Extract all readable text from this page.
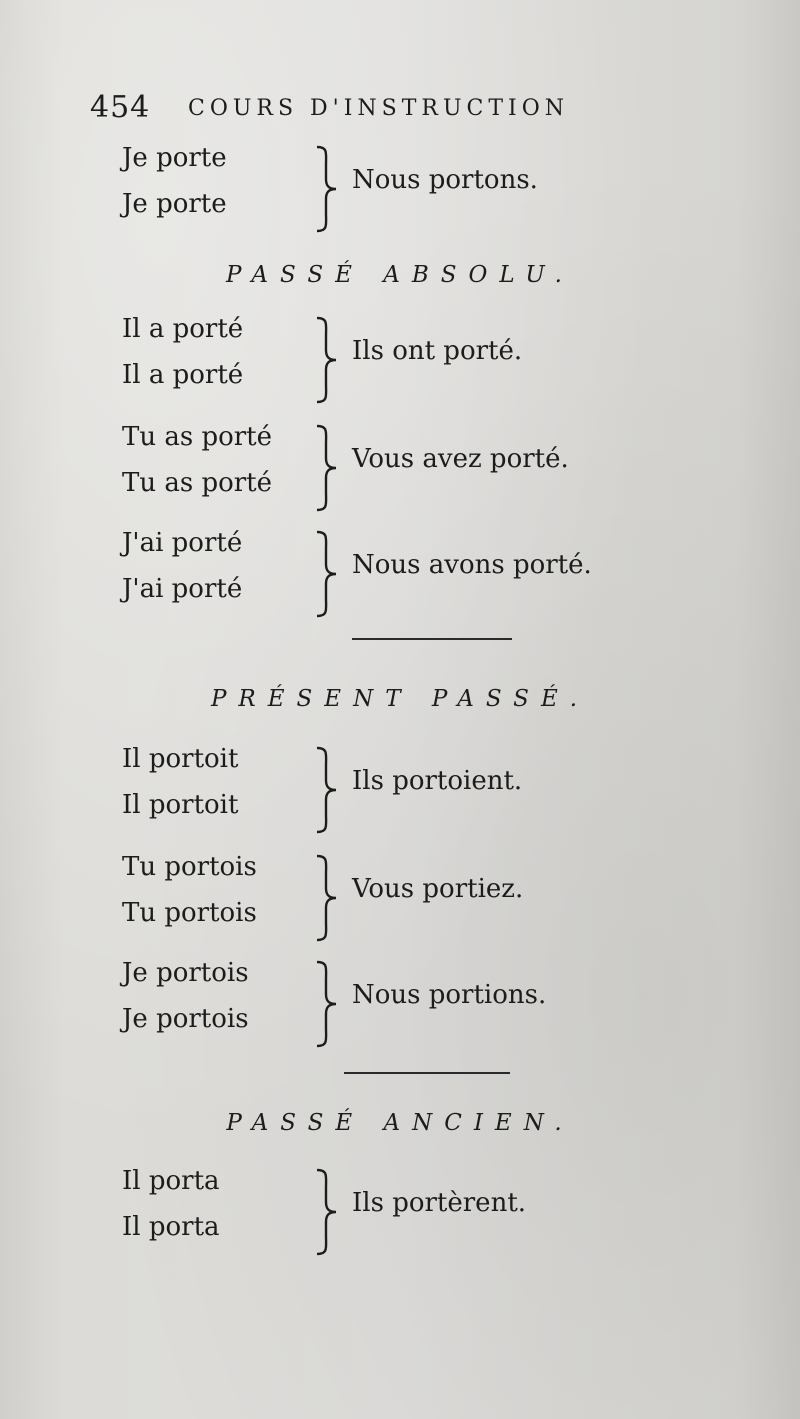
454 COURS D'INSTRUCTION
Je porte
Je porte
Nous portons.
PASSÉ ABSOLU.
Il a porté
Il a porté
Ils ont porté.
Tu as porté
Tu as porté
Vous avez porté.
J'ai porté
J'ai porté
Nous avons porté.
PRÉSENT PASSÉ.
Il portoit
Il portoit
Ils portoient.
Tu portois
Tu portois
Vous portiez.
Je portois
Je portois
Nous portions.
PASSÉ ANCIEN.
Il porta
Il porta
Ils portèrent.
